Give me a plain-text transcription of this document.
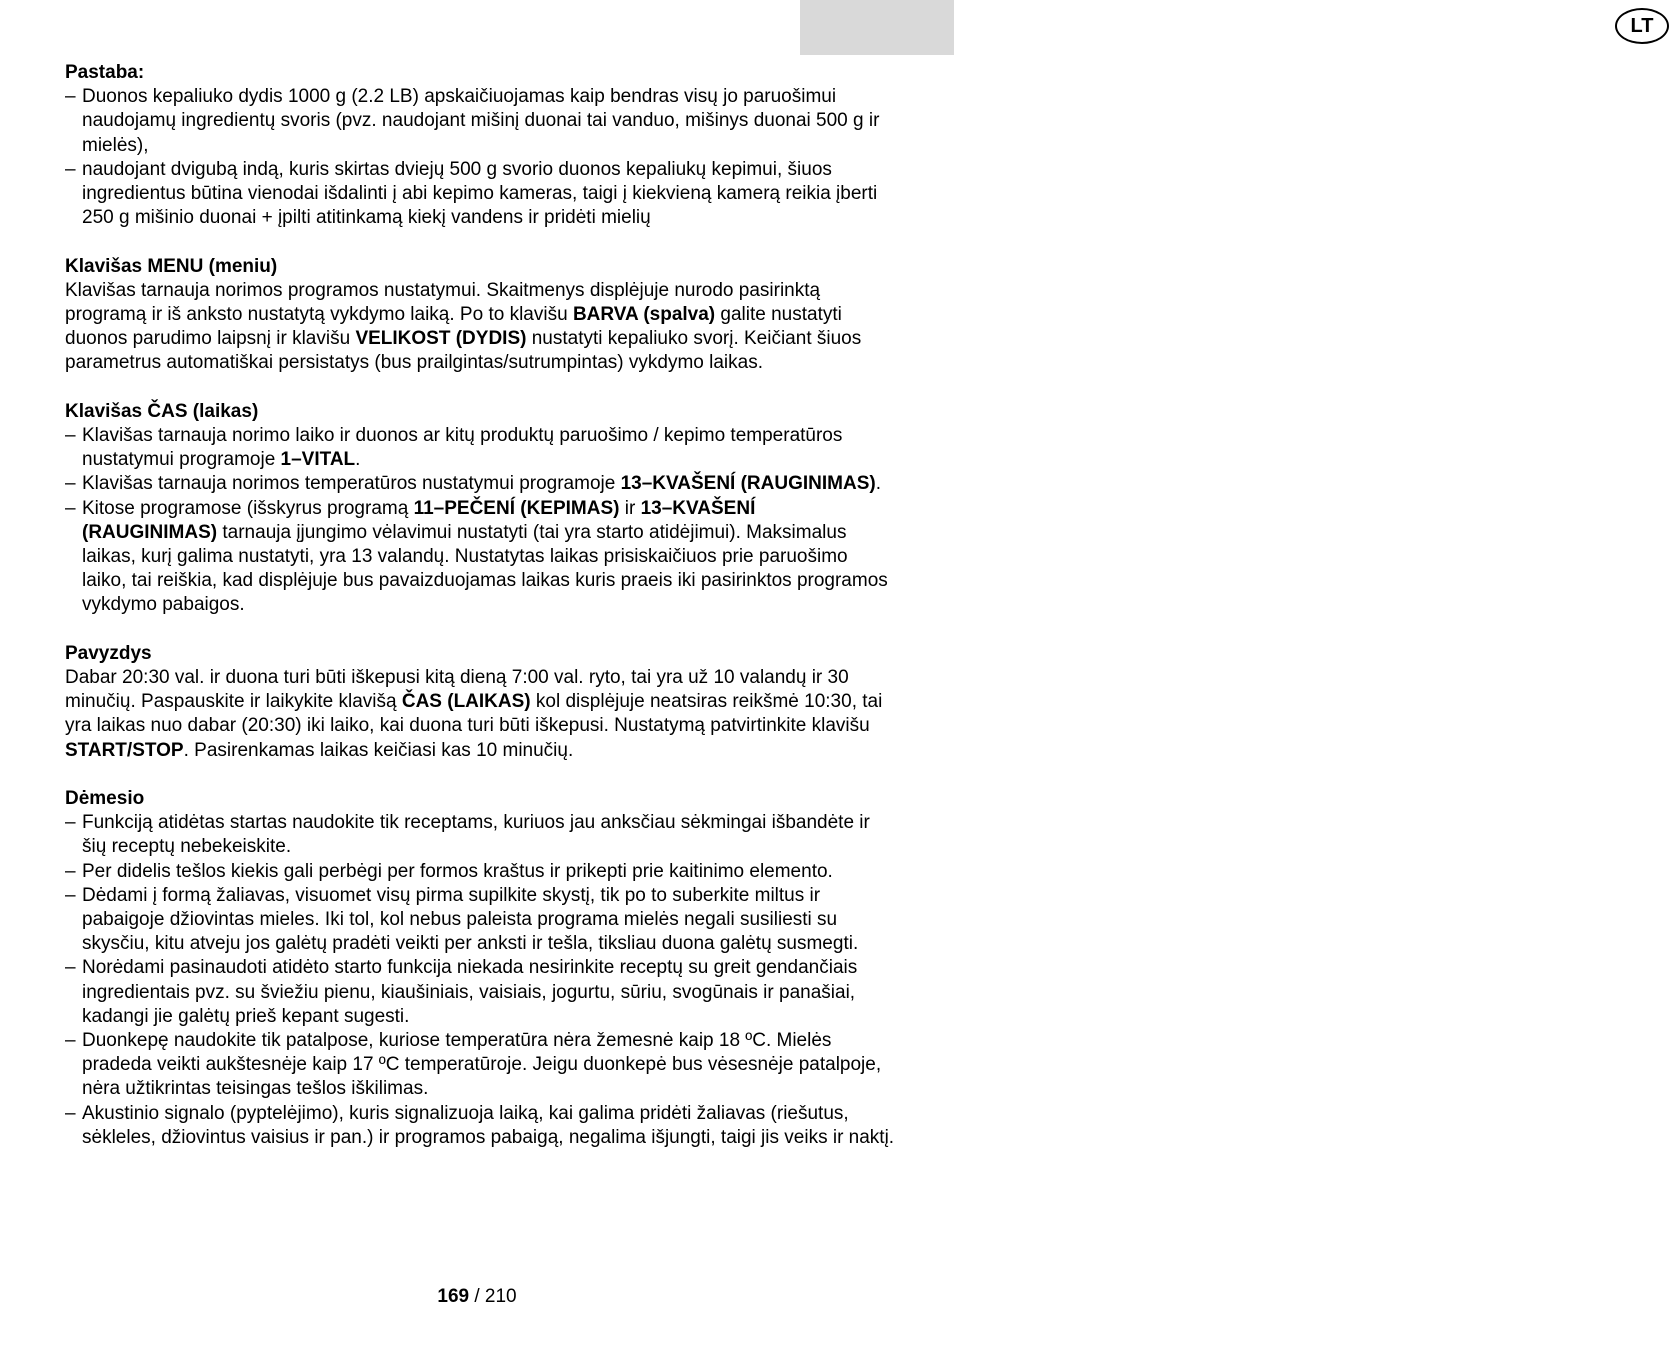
LT
Pastaba:
– Duonos kepaliuko dydis 1000 g (2.2 LB) apskaičiuojamas kaip bendras visų jo paruošimui naudojamų ingredientų svoris (pvz. naudojant mišinį duonai tai vanduo, mišinys duonai 500 g ir mielės),
– naudojant dvigubą indą, kuris skirtas dviejų 500 g svorio duonos kepaliukų kepimui, šiuos ingredientus būtina vienodai išdalinti į abi kepimo kameras, taigi į kiekvieną kamerą reikia įberti 250 g mišinio duonai + įpilti atitinkamą kiekį vandens ir pridėti mielių
Klavišas MENU (meniu)
Klavišas tarnauja norimos programos nustatymui. Skaitmenys displėjuje nurodo pasirinktą programą ir iš anksto nustatytą vykdymo laiką. Po to klavišu BARVA (spalva) galite nustatyti duonos parudimo laipsnį ir klavišu VELIKOST (DYDIS) nustatyti kepaliuko svorį. Keičiant šiuos parametrus automatiškai persistatys (bus prailgintas/sutrumpintas) vykdymo laikas.
Klavišas ČAS (laikas)
– Klavišas tarnauja norimo laiko ir duonos ar kitų produktų paruošimo / kepimo temperatūros nustatymui programoje 1–VITAL.
– Klavišas tarnauja norimos temperatūros nustatymui programoje 13–KVAŠENÍ (RAUGINIMAS).
– Kitose programose (išskyrus programą 11–PEČENÍ (KEPIMAS) ir 13–KVAŠENÍ (RAUGINIMAS) tarnauja įjungimo vėlavimui nustatyti (tai yra starto atidėjimui). Maksimalus laikas, kurį galima nustatyti, yra 13 valandų. Nustatytas laikas prisiskaičiuos prie paruošimo laiko, tai reiškia, kad displėjuje bus pavaizduojamas laikas kuris praeis iki pasirinktos programos vykdymo pabaigos.
Pavyzdys
Dabar 20:30 val. ir duona turi būti iškepusi kitą dieną 7:00 val. ryto, tai yra už 10 valandų ir 30 minučių. Paspauskite ir laikykite klavišą ČAS (LAIKAS) kol displėjuje neatsiras reikšmė 10:30, tai yra laikas nuo dabar (20:30) iki laiko, kai duona turi būti iškepusi. Nustatymą patvirtinkite klavišu START/STOP. Pasirenkamas laikas keičiasi kas 10 minučių.
Dėmesio
– Funkciją atidėtas startas naudokite tik receptams, kuriuos jau anksčiau sėkmingai išbandėte ir šių receptų nebekeiskite.
– Per didelis tešlos kiekis gali perbėgi per formos kraštus ir prikepti prie kaitinimo elemento.
– Dėdami į formą žaliavas, visuomet visų pirma supilkite skystį, tik po to suberkite miltus ir pabaigoje džiovintas mieles. Iki tol, kol nebus paleista programa mielės negali susiliesti su skysčiu, kitu atveju jos galėtų pradėti veikti per anksti ir tešla, tiksliau duona galėtų susmegti.
– Norėdami pasinaudoti atidėto starto funkcija niekada nesirinkite receptų su greit gendančiais ingredientais pvz. su šviežiu pienu, kiaušiniais, vaisiais, jogurtu, sūriu, svogūnais ir panašiai, kadangi jie galėtų prieš kepant sugesti.
– Duonkepę naudokite tik patalpose, kuriose temperatūra nėra žemesnė kaip 18 ºC. Mielės pradeda veikti aukštesnėje kaip 17 ºC temperatūroje. Jeigu duonkepė bus vėsesnėje patalpoje, nėra užtikrintas teisingas tešlos iškilimas.
– Akustinio signalo (pyptelėjimo), kuris signalizuoja laiką, kai galima pridėti žaliavas (riešutus, sėkleles, džiovintus vaisius ir pan.) ir programos pabaigą, negalima išjungti, taigi jis veiks ir naktį.
169 / 210
